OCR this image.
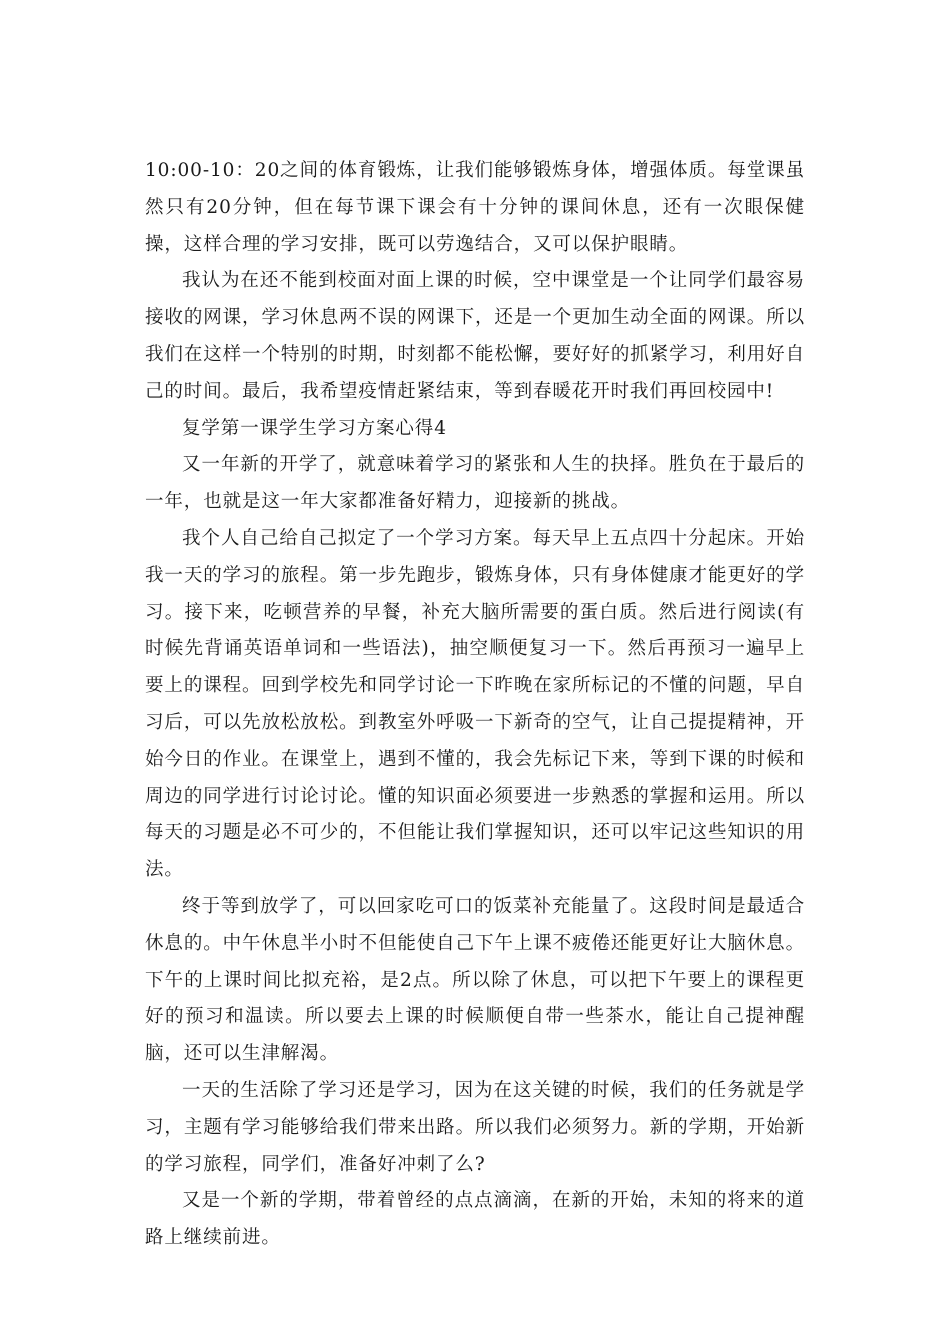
10:00-10：20之间的体育锻炼，让我们能够锻炼身体，增强体质。每堂课虽然只有20分钟，但在每节课下课会有十分钟的课间休息，还有一次眼保健操，这样合理的学习安排，既可以劳逸结合，又可以保护眼睛。

我认为在还不能到校面对面上课的时候，空中课堂是一个让同学们最容易接收的网课，学习休息两不误的网课下，还是一个更加生动全面的网课。所以我们在这样一个特别的时期，时刻都不能松懈，要好好的抓紧学习，利用好自己的时间。最后，我希望疫情赶紧结束，等到春暖花开时我们再回校园中!

复学第一课学生学习方案心得4

又一年新的开学了，就意味着学习的紧张和人生的抉择。胜负在于最后的一年，也就是这一年大家都准备好精力，迎接新的挑战。

我个人自己给自己拟定了一个学习方案。每天早上五点四十分起床。开始我一天的学习的旅程。第一步先跑步，锻炼身体，只有身体健康才能更好的学习。接下来，吃顿营养的早餐，补充大脑所需要的蛋白质。然后进行阅读(有时候先背诵英语单词和一些语法)，抽空顺便复习一下。然后再预习一遍早上要上的课程。回到学校先和同学讨论一下昨晚在家所标记的不懂的问题，早自习后，可以先放松放松。到教室外呼吸一下新奇的空气，让自己提提精神，开始今日的作业。在课堂上，遇到不懂的，我会先标记下来，等到下课的时候和周边的同学进行讨论讨论。懂的知识面必须要进一步熟悉的掌握和运用。所以每天的习题是必不可少的，不但能让我们掌握知识，还可以牢记这些知识的用法。

终于等到放学了，可以回家吃可口的饭菜补充能量了。这段时间是最适合休息的。中午休息半小时不但能使自己下午上课不疲倦还能更好让大脑休息。下午的上课时间比拟充裕，是2点。所以除了休息，可以把下午要上的课程更好的预习和温读。所以要去上课的时候顺便自带一些茶水，能让自己提神醒脑，还可以生津解渴。

一天的生活除了学习还是学习，因为在这关键的时候，我们的任务就是学习，主题有学习能够给我们带来出路。所以我们必须努力。新的学期，开始新的学习旅程，同学们，准备好冲刺了么?

又是一个新的学期，带着曾经的点点滴滴，在新的开始，未知的将来的道路上继续前进。
